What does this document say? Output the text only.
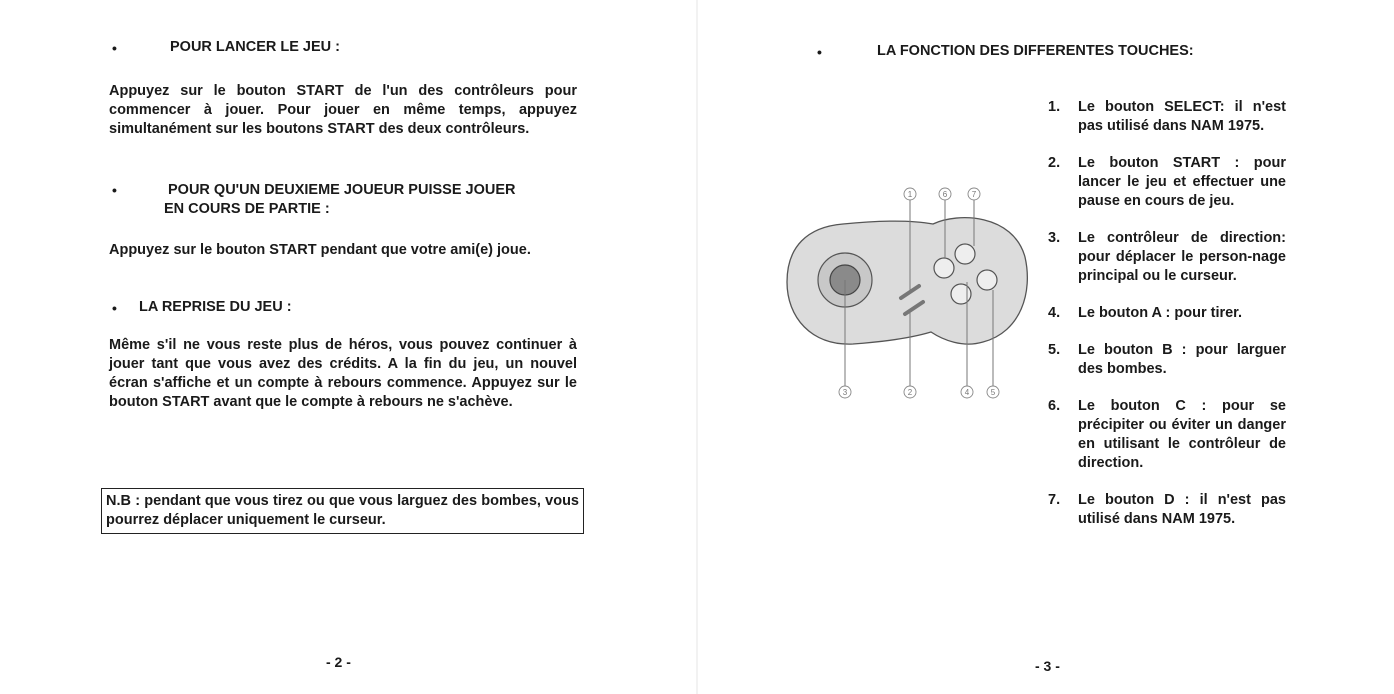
•	POUR LANCER LE JEU :

Appuyez sur le bouton START de l'un des contrôleurs pour commencer à jouer. Pour jouer en même temps, appuyez simultanément sur les boutons START des deux contrôleurs.

•	POUR QU'UN DEUXIEME JOUEUR PUISSE JOUER
EN COURS DE PARTIE :

Appuyez sur le bouton START pendant que votre ami(e) joue.

• LA REPRISE DU JEU :

Même s'il ne vous reste plus de héros, vous pouvez continuer à jouer tant que vous avez des crédits. A la fin du jeu, un nouvel écran s'affiche et un compte à rebours commence. Appuyez sur le bouton START avant que le compte à rebours ne s'achève.

N.B : pendant que vous tirez ou que vous larguez des bombes, vous pourrez déplacer uniquement le curseur.
- 2 -
•	LA FONCTION DES DIFFERENTES TOUCHES:
- 3 -
1	6	7
3	2	4	5
1. Le bouton SELECT: il n'est pas utilisé dans NAM 1975.
2. Le bouton START : pour lancer le jeu et effectuer une pause en cours de jeu.
3. Le contrôleur de direction: pour déplacer le person-nage principal ou le curseur.
4. Le bouton A : pour tirer.
5. Le bouton B : pour larguer des bombes.
6. Le bouton C : pour se précipiter ou éviter un danger en utilisant le contrôleur de direction.
7. Le bouton D : il n'est pas utilisé dans NAM 1975.
